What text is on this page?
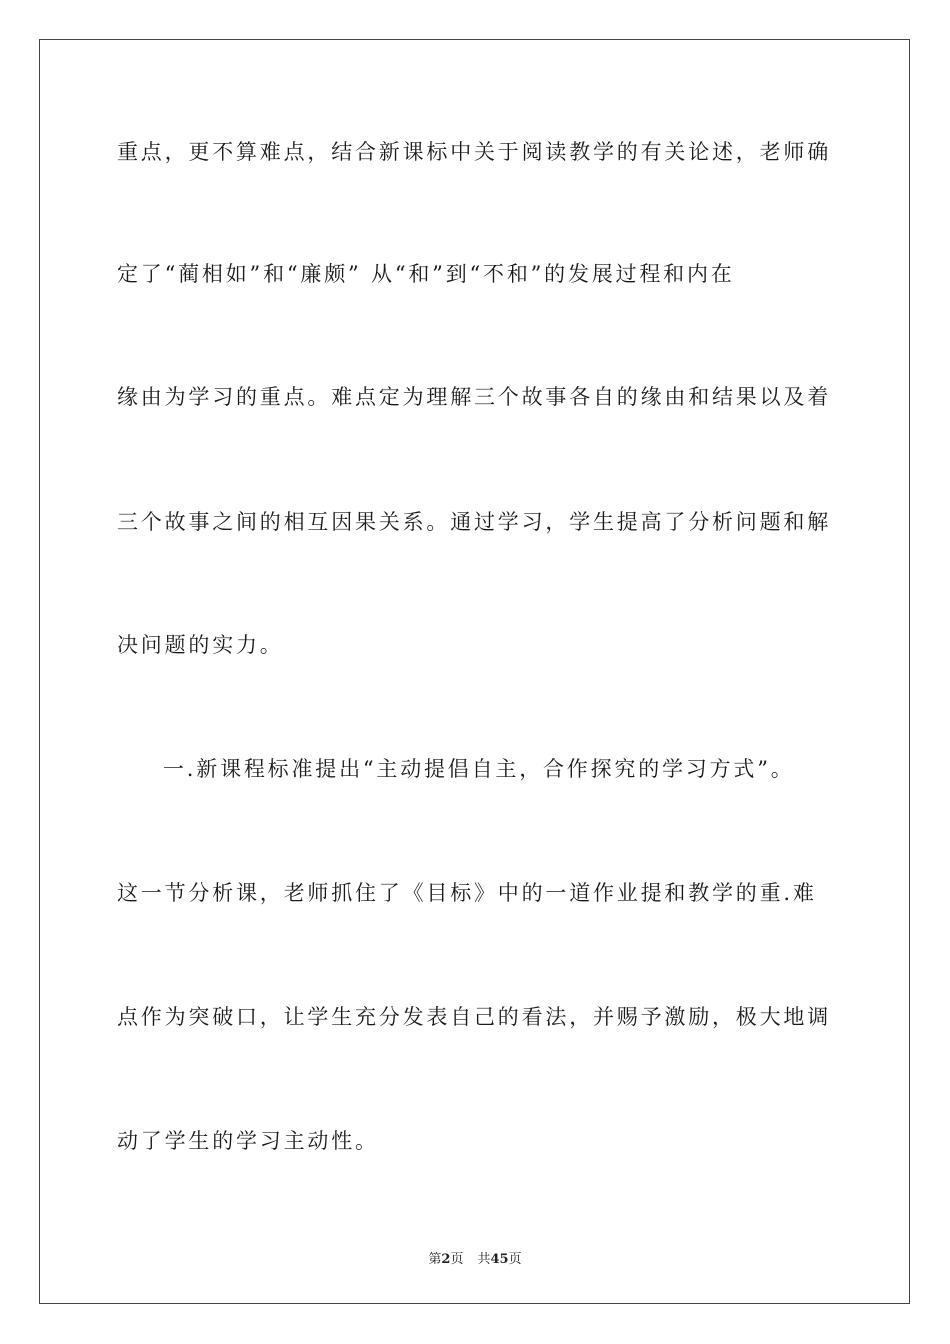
重点，更不算难点，结合新课标中关于阅读教学的有关论述，老师确
定了“蔺相如”和“廉颇” 从“和”到“不和”的发展过程和内在
缘由为学习的重点。难点定为理解三个故事各自的缘由和结果以及着
三个故事之间的相互因果关系。通过学习，学生提高了分析问题和解
决问题的实力。
一.新课程标准提出“主动提倡自主，合作探究的学习方式”。
这一节分析课，老师抓住了《目标》中的一道作业提和教学的重.难
点作为突破口，让学生充分发表自己的看法，并赐予激励，极大地调
动了学生的学习主动性。
第2页 共45页
